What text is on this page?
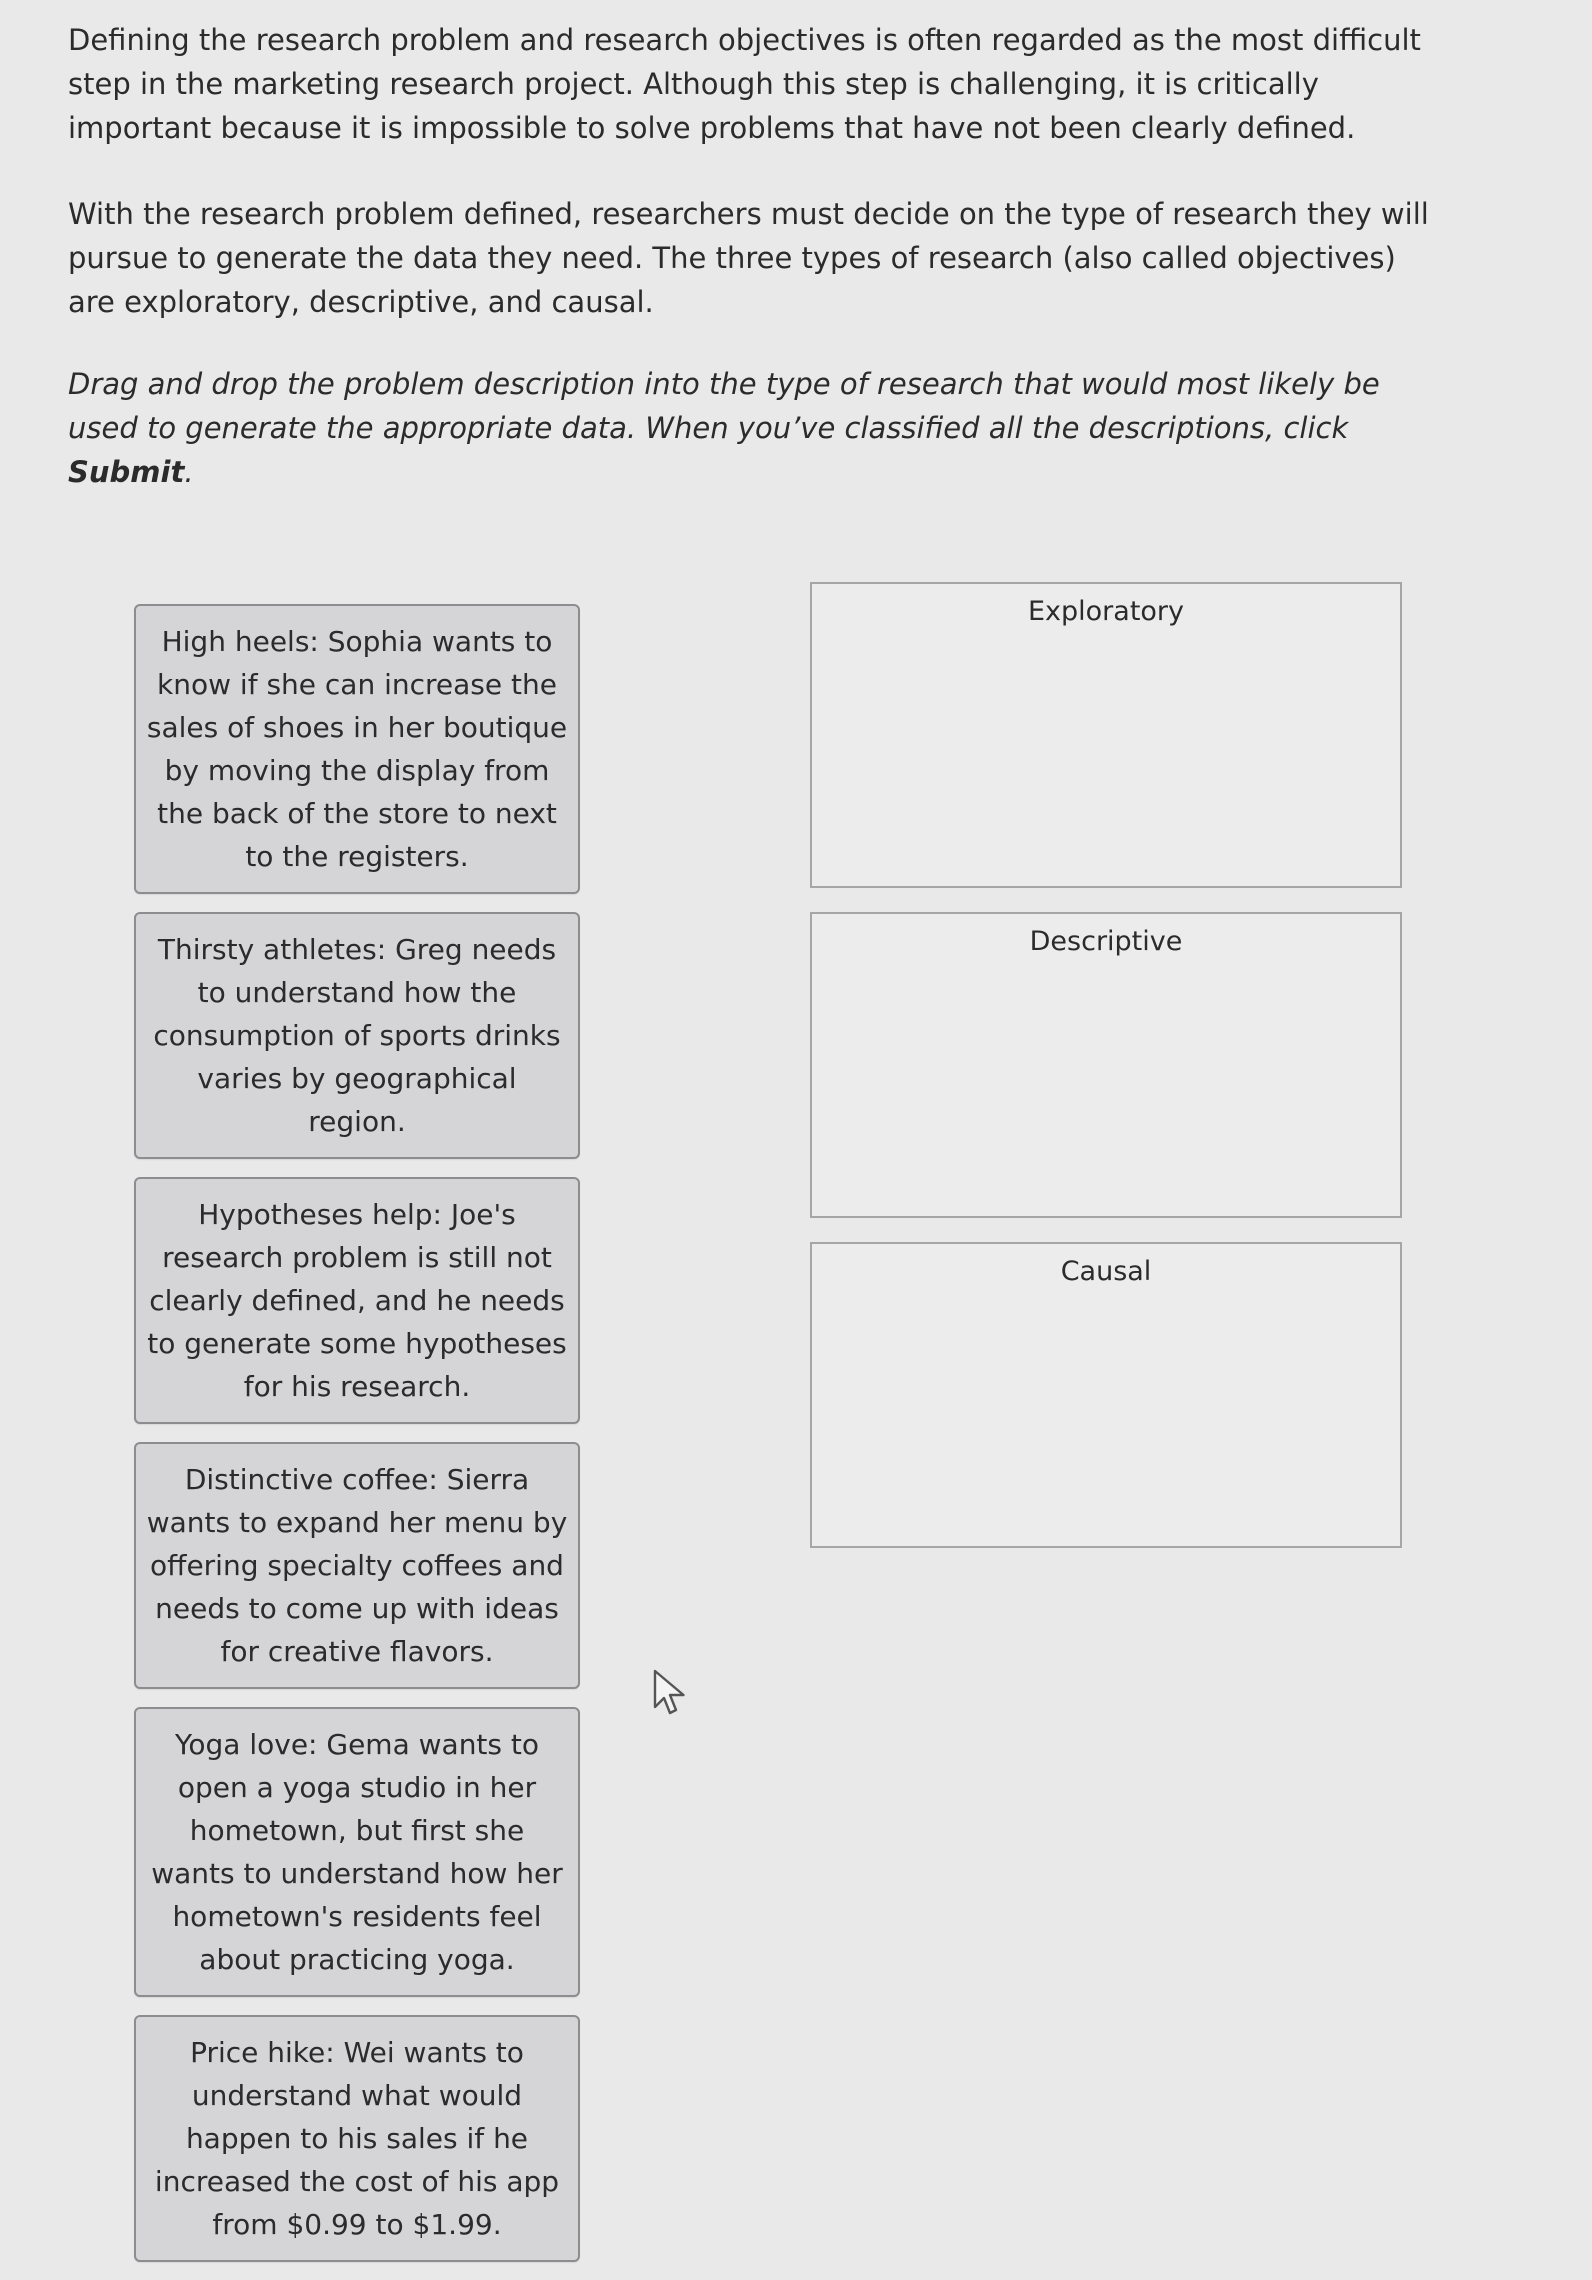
Defining the research problem and research objectives is often regarded as the most difficult step in the marketing research project. Although this step is challenging, it is critically important because it is impossible to solve problems that have not been clearly defined.

With the research problem defined, researchers must decide on the type of research they will pursue to generate the data they need. The three types of research (also called objectives) are exploratory, descriptive, and causal.

Drag and drop the problem description into the type of research that would most likely be used to generate the appropriate data. When you’ve classified all the descriptions, click Submit.

High heels: Sophia wants to know if she can increase the sales of shoes in her boutique by moving the display from the back of the store to next to the registers.
Thirsty athletes: Greg needs to understand how the consumption of sports drinks varies by geographical region.
Hypotheses help: Joe's research problem is still not clearly defined, and he needs to generate some hypotheses for his research.
Distinctive coffee: Sierra wants to expand her menu by offering specialty coffees and needs to come up with ideas for creative flavors.
Yoga love: Gema wants to open a yoga studio in her hometown, but first she wants to understand how her hometown's residents feel about practicing yoga.
Price hike: Wei wants to understand what would happen to his sales if he increased the cost of his app from $0.99 to $1.99.
Exploratory
Descriptive
Causal
